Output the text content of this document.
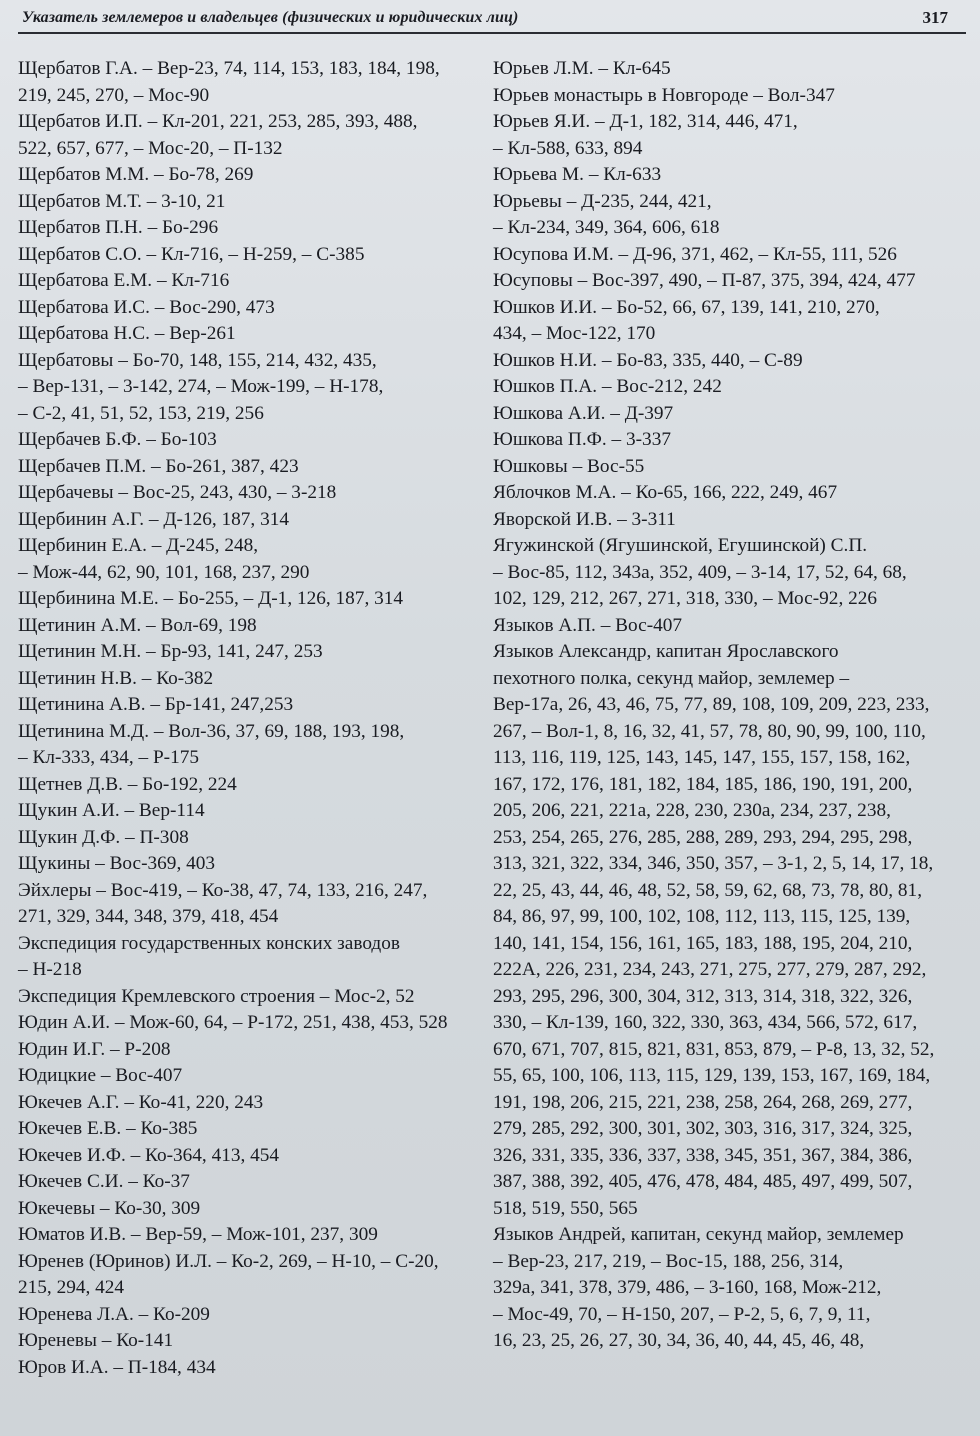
Указатель землемеров и владельцев (физических и юридических лиц)	317
Щербатов Г.А. – Вер-23, 74, 114, 153, 183, 184, 198,
219, 245, 270, – Мос-90
Щербатов И.П. – Кл-201, 221, 253, 285, 393, 488,
522, 657, 677, – Мос-20, – П-132
Щербатов М.М. – Бо-78, 269
Щербатов М.Т. – 3-10, 21
Щербатов П.Н. – Бо-296
Щербатов С.О. – Кл-716, – Н-259, – С-385
Щербатова Е.М. – Кл-716
Щербатова И.С. – Вос-290, 473
Щербатова Н.С. – Вер-261
Щербатовы – Бо-70, 148, 155, 214, 432, 435,
– Вер-131, – 3-142, 274, – Мож-199, – Н-178,
– С-2, 41, 51, 52, 153, 219, 256
Щербачев Б.Ф. – Бо-103
Щербачев П.М. – Бо-261, 387, 423
Щербачевы – Вос-25, 243, 430, – 3-218
Щербинин А.Г. – Д-126, 187, 314
Щербинин Е.А. – Д-245, 248,
– Мож-44, 62, 90, 101, 168, 237, 290
Щербинина М.Е. – Бо-255, – Д-1, 126, 187, 314
Щетинин А.М. – Вол-69, 198
Щетинин М.Н. – Бр-93, 141, 247, 253
Щетинин Н.В. – Ко-382
Щетинина А.В. – Бр-141, 247,253
Щетинина М.Д. – Вол-36, 37, 69, 188, 193, 198,
– Кл-333, 434, – Р-175
Щетнев Д.В. – Бо-192, 224
Щукин А.И. – Вер-114
Щукин Д.Ф. – П-308
Щукины – Вос-369, 403
Эйхлеры – Вос-419, – Ко-38, 47, 74, 133, 216, 247,
271, 329, 344, 348, 379, 418, 454
Экспедиция государственных конских заводов
– Н-218
Экспедиция Кремлевского строения – Мос-2, 52
Юдин А.И. – Мож-60, 64, – Р-172, 251, 438, 453, 528
Юдин И.Г. – Р-208
Юдицкие – Вос-407
Юкечев А.Г. – Ко-41, 220, 243
Юкечев Е.В. – Ко-385
Юкечев И.Ф. – Ко-364, 413, 454
Юкечев С.И. – Ко-37
Юкечевы – Ко-30, 309
Юматов И.В. – Вер-59, – Мож-101, 237, 309
Юренев (Юринов) И.Л. – Ко-2, 269, – Н-10, – С-20,
215, 294, 424
Юренева Л.А. – Ко-209
Юреневы – Ко-141
Юров И.А. – П-184, 434
Юрьев Л.М. – Кл-645
Юрьев монастырь в Новгороде – Вол-347
Юрьев Я.И. – Д-1, 182, 314, 446, 471,
– Кл-588, 633, 894
Юрьева М. – Кл-633
Юрьевы – Д-235, 244, 421,
– Кл-234, 349, 364, 606, 618
Юсупова И.М. – Д-96, 371, 462, – Кл-55, 111, 526
Юсуповы – Вос-397, 490, – П-87, 375, 394, 424, 477
Юшков И.И. – Бо-52, 66, 67, 139, 141, 210, 270,
434, – Мос-122, 170
Юшков Н.И. – Бо-83, 335, 440, – С-89
Юшков П.А. – Вос-212, 242
Юшкова А.И. – Д-397
Юшкова П.Ф. – 3-337
Юшковы – Вос-55
Яблочков М.А. – Ко-65, 166, 222, 249, 467
Яворской И.В. – 3-311
Ягужинской (Ягушинской, Егушинской) С.П.
– Вос-85, 112, 343а, 352, 409, – 3-14, 17, 52, 64, 68,
102, 129, 212, 267, 271, 318, 330, – Мос-92, 226
Языков А.П. – Вос-407
Языков Александр, капитан Ярославского
пехотного полка, секунд майор, землемер –
Вер-17а, 26, 43, 46, 75, 77, 89, 108, 109, 209, 223, 233,
267, – Вол-1, 8, 16, 32, 41, 57, 78, 80, 90, 99, 100, 110,
113, 116, 119, 125, 143, 145, 147, 155, 157, 158, 162,
167, 172, 176, 181, 182, 184, 185, 186, 190, 191, 200,
205, 206, 221, 221а, 228, 230, 230а, 234, 237, 238,
253, 254, 265, 276, 285, 288, 289, 293, 294, 295, 298,
313, 321, 322, 334, 346, 350, 357, – 3-1, 2, 5, 14, 17, 18,
22, 25, 43, 44, 46, 48, 52, 58, 59, 62, 68, 73, 78, 80, 81,
84, 86, 97, 99, 100, 102, 108, 112, 113, 115, 125, 139,
140, 141, 154, 156, 161, 165, 183, 188, 195, 204, 210,
222А, 226, 231, 234, 243, 271, 275, 277, 279, 287, 292,
293, 295, 296, 300, 304, 312, 313, 314, 318, 322, 326,
330, – Кл-139, 160, 322, 330, 363, 434, 566, 572, 617,
670, 671, 707, 815, 821, 831, 853, 879, – Р-8, 13, 32, 52,
55, 65, 100, 106, 113, 115, 129, 139, 153, 167, 169, 184,
191, 198, 206, 215, 221, 238, 258, 264, 268, 269, 277,
279, 285, 292, 300, 301, 302, 303, 316, 317, 324, 325,
326, 331, 335, 336, 337, 338, 345, 351, 367, 384, 386,
387, 388, 392, 405, 476, 478, 484, 485, 497, 499, 507,
518, 519, 550, 565
Языков Андрей, капитан, секунд майор, землемер
– Вер-23, 217, 219, – Вос-15, 188, 256, 314,
329а, 341, 378, 379, 486, – 3-160, 168, Мож-212,
– Мос-49, 70, – Н-150, 207, – Р-2, 5, 6, 7, 9, 11,
16, 23, 25, 26, 27, 30, 34, 36, 40, 44, 45, 46, 48,
